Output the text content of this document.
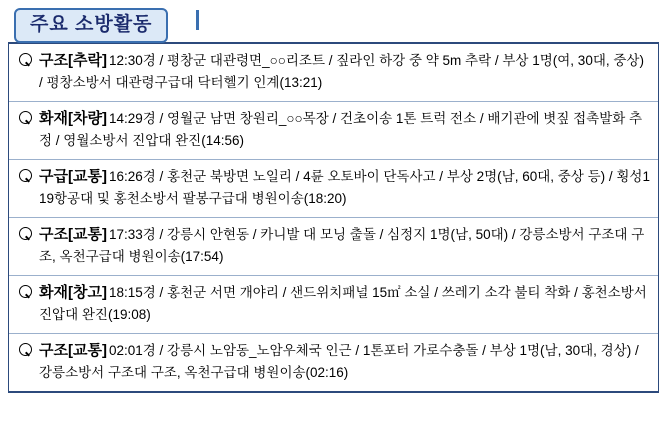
주요 소방활동
구조[추락] 12:30경 / 평창군 대관령면_○○리조트 / 짚라인 하강 중 약 5m 추락 / 부상 1명(여, 30대, 중상) / 평창소방서 대관령구급대 닥터헬기 인계(13:21)
화재[차량] 14:29경 / 영월군 남면 창원리_○○목장 / 건초이송 1톤 트럭 전소 / 배기관에 볏짚 접촉발화 추정 / 영월소방서 진압대 완진(14:56)
구급[교통] 16:26경 / 홍천군 북방면 노일리 / 4륜 오토바이 단독사고 / 부상 2명(남, 60대, 중상 등) / 횡성119항공대 및 홍천소방서 팔봉구급대 병원이송(18:20)
구조[교통] 17:33경 / 강릉시 안현동 / 카니발 대 모닝 출돌 / 심정지 1명(남, 50대) / 강릉소방서 구조대 구조, 옥천구급대 병원이송(17:54)
화재[창고] 18:15경 / 홍천군 서면 개야리 / 샌드위치패널 15㎡ 소실 / 쓰레기 소각 불티 착화 / 홍천소방서 진압대 완진(19:08)
구조[교통] 02:01경 / 강릉시 노암동_노암우체국 인근 / 1톤포터 가로수충돌 / 부상 1명(남, 30대, 경상) / 강릉소방서 구조대 구조, 옥천구급대 병원이송(02:16)
